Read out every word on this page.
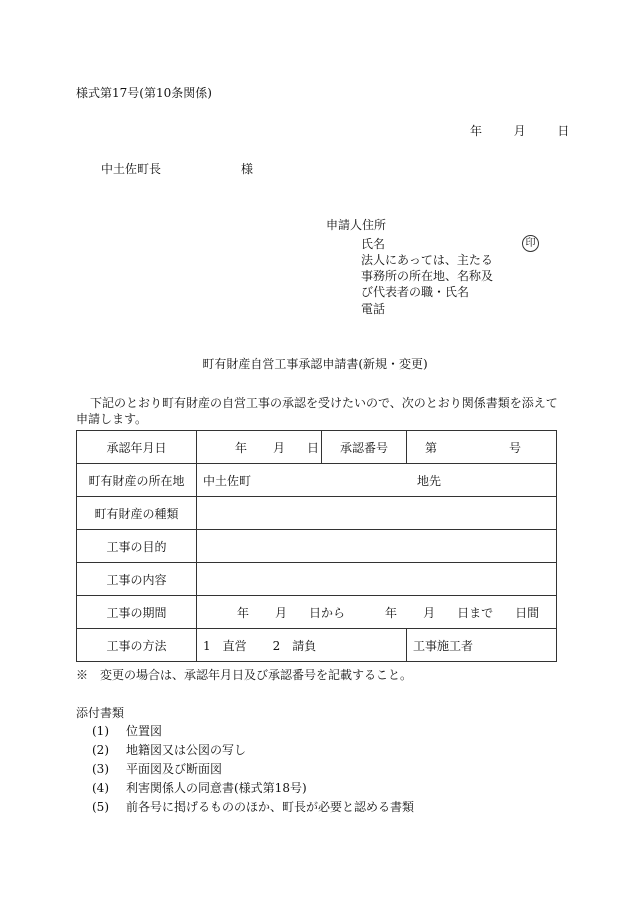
様式第17号(第10条関係)
年	月	日
中土佐町長	様
申請人住所
氏名	印
法人にあっては、主たる
事務所の所在地、名称及
び代表者の職・氏名
電話
町有財産自営工事承認申請書(新規・変更)
下記のとおり町有財産の自営工事の承認を受けたいので、次のとおり関係書類を添えて
申請します。
承認年月日	年 月 日	承認番号	第 号
町有財産の所在地	中土佐町 地先		
町有財産の種類			
工事の目的			
工事の内容			
工事の期間	年 月 日から 年 月 日まで 日間		
工事の方法	1　直営 2　請負		工事施工者
※　変更の場合は、承認年月日及び承認番号を記載すること。
添付書類
(1) 位置図
(2) 地籍図又は公図の写し
(3) 平面図及び断面図
(4) 利害関係人の同意書(様式第18号)
(5) 前各号に掲げるもののほか、町長が必要と認める書類
